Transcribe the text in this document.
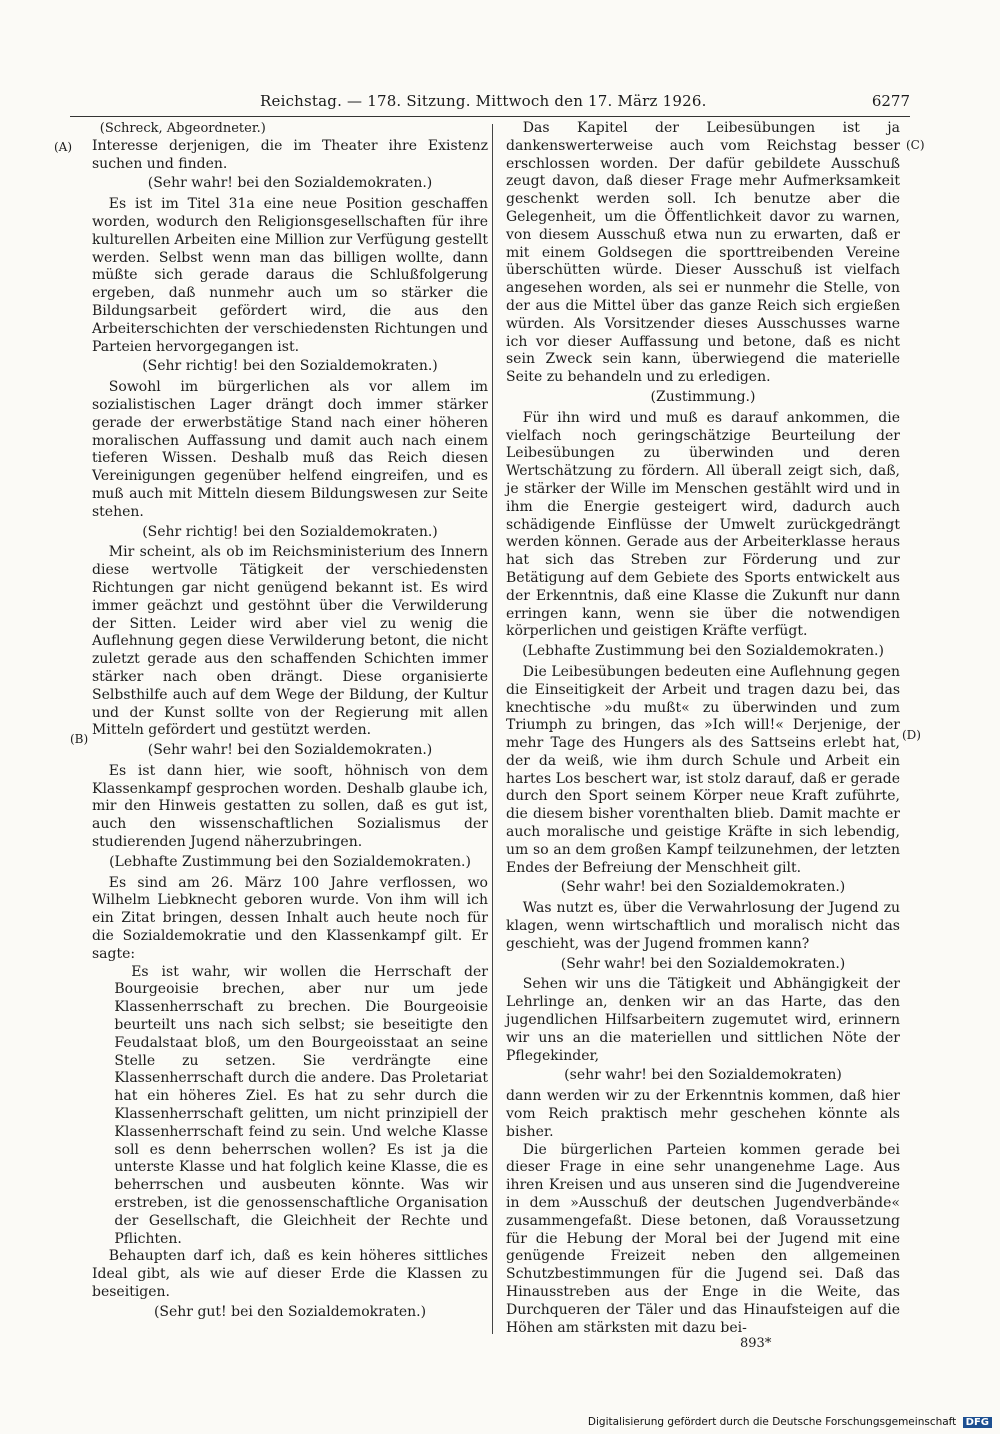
Reichstag. — 178. Sitzung. Mittwoch den 17. März 1926.	6277
(A)
(B)
(C)
(D)
(Schreck, Abgeordneter.)

Interesse derjenigen, die im Theater ihre Existenz suchen und finden.

(Sehr wahr! bei den Sozialdemokraten.)

Es ist im Titel 31a eine neue Position geschaffen worden, wodurch den Religionsgesellschaften für ihre kulturellen Arbeiten eine Million zur Verfügung gestellt werden. Selbst wenn man das billigen wollte, dann müßte sich gerade daraus die Schlußfolgerung ergeben, daß nunmehr auch um so stärker die Bildungsarbeit gefördert wird, die aus den Arbeiterschichten der verschiedensten Richtungen und Parteien hervorgegangen ist.

(Sehr richtig! bei den Sozialdemokraten.)

Sowohl im bürgerlichen als vor allem im sozialistischen Lager drängt doch immer stärker gerade der erwerbstätige Stand nach einer höheren moralischen Auffassung und damit auch nach einem tieferen Wissen. Deshalb muß das Reich diesen Vereinigungen gegenüber helfend eingreifen, und es muß auch mit Mitteln diesem Bildungswesen zur Seite stehen.

(Sehr richtig! bei den Sozialdemokraten.)

Mir scheint, als ob im Reichsministerium des Innern diese wertvolle Tätigkeit der verschiedensten Richtungen gar nicht genügend bekannt ist. Es wird immer geächzt und gestöhnt über die Verwilderung der Sitten. Leider wird aber viel zu wenig die Auflehnung gegen diese Verwilderung betont, die nicht zuletzt gerade aus den schaffenden Schichten immer stärker nach oben drängt. Diese organisierte Selbsthilfe auch auf dem Wege der Bildung, der Kultur und der Kunst sollte von der Regierung mit allen Mitteln gefördert und gestützt werden.

(Sehr wahr! bei den Sozialdemokraten.)

Es ist dann hier, wie sooft, höhnisch von dem Klassenkampf gesprochen worden. Deshalb glaube ich, mir den Hinweis gestatten zu sollen, daß es gut ist, auch den wissenschaftlichen Sozialismus der studierenden Jugend näherzubringen.

(Lebhafte Zustimmung bei den Sozialdemokraten.)

Es sind am 26. März 100 Jahre verflossen, wo Wilhelm Liebknecht geboren wurde. Von ihm will ich ein Zitat bringen, dessen Inhalt auch heute noch für die Sozialdemokratie und den Klassenkampf gilt. Er sagte:

Es ist wahr, wir wollen die Herrschaft der Bourgeoisie brechen, aber nur um jede Klassenherrschaft zu brechen. Die Bourgeoisie beurteilt uns nach sich selbst; sie beseitigte den Feudalstaat bloß, um den Bourgeoisstaat an seine Stelle zu setzen. Sie verdrängte eine Klassenherrschaft durch die andere. Das Proletariat hat ein höheres Ziel. Es hat zu sehr durch die Klassenherrschaft gelitten, um nicht prinzipiell der Klassenherrschaft feind zu sein. Und welche Klasse soll es denn beherrschen wollen? Es ist ja die unterste Klasse und hat folglich keine Klasse, die es beherrschen und ausbeuten könnte. Was wir erstreben, ist die genossenschaftliche Organisation der Gesellschaft, die Gleichheit der Rechte und Pflichten.

Behaupten darf ich, daß es kein höheres sittliches Ideal gibt, als wie auf dieser Erde die Klassen zu beseitigen.

(Sehr gut! bei den Sozialdemokraten.)

Das Kapitel der Leibesübungen ist ja dankenswerterweise auch vom Reichstag besser erschlossen worden. Der dafür gebildete Ausschuß zeugt davon, daß dieser Frage mehr Aufmerksamkeit geschenkt werden soll. Ich benutze aber die Gelegenheit, um die Öffentlichkeit davor zu warnen, von diesem Ausschuß etwa nun zu erwarten, daß er mit einem Goldsegen die sporttreibenden Vereine überschütten würde. Dieser Ausschuß ist vielfach angesehen worden, als sei er nunmehr die Stelle, von der aus die Mittel über das ganze Reich sich ergießen würden. Als Vorsitzender dieses Ausschusses warne ich vor dieser Auffassung und betone, daß es nicht sein Zweck sein kann, überwiegend die materielle Seite zu behandeln und zu erledigen.

(Zustimmung.)

Für ihn wird und muß es darauf ankommen, die vielfach noch geringschätzige Beurteilung der Leibesübungen zu überwinden und deren Wertschätzung zu fördern. All überall zeigt sich, daß, je stärker der Wille im Menschen gestählt wird und in ihm die Energie gesteigert wird, dadurch auch schädigende Einflüsse der Umwelt zurückgedrängt werden können. Gerade aus der Arbeiterklasse heraus hat sich das Streben zur Förderung und zur Betätigung auf dem Gebiete des Sports entwickelt aus der Erkenntnis, daß eine Klasse die Zukunft nur dann erringen kann, wenn sie über die notwendigen körperlichen und geistigen Kräfte verfügt.

(Lebhafte Zustimmung bei den Sozialdemokraten.)

Die Leibesübungen bedeuten eine Auflehnung gegen die Einseitigkeit der Arbeit und tragen dazu bei, das knechtische »du mußt« zu überwinden und zum Triumph zu bringen, das »Ich will!« Derjenige, der mehr Tage des Hungers als des Sattseins erlebt hat, der da weiß, wie ihm durch Schule und Arbeit ein hartes Los beschert war, ist stolz darauf, daß er gerade durch den Sport seinem Körper neue Kraft zuführte, die diesem bisher vorenthalten blieb. Damit machte er auch moralische und geistige Kräfte in sich lebendig, um so an dem großen Kampf teilzunehmen, der letzten Endes der Befreiung der Menschheit gilt.

(Sehr wahr! bei den Sozialdemokraten.)

Was nutzt es, über die Verwahrlosung der Jugend zu klagen, wenn wirtschaftlich und moralisch nicht das geschieht, was der Jugend frommen kann?

(Sehr wahr! bei den Sozialdemokraten.)

Sehen wir uns die Tätigkeit und Abhängigkeit der Lehrlinge an, denken wir an das Harte, das den jugendlichen Hilfsarbeitern zugemutet wird, erinnern wir uns an die materiellen und sittlichen Nöte der Pflegekinder,

(sehr wahr! bei den Sozialdemokraten)

dann werden wir zu der Erkenntnis kommen, daß hier vom Reich praktisch mehr geschehen könnte als bisher.

Die bürgerlichen Parteien kommen gerade bei dieser Frage in eine sehr unangenehme Lage. Aus ihren Kreisen und aus unseren sind die Jugendvereine in dem »Ausschuß der deutschen Jugendverbände« zusammengefaßt. Diese betonen, daß Voraussetzung für die Hebung der Moral bei der Jugend mit eine genügende Freizeit neben den allgemeinen Schutzbestimmungen für die Jugend sei. Daß das Hinausstreben aus der Enge in die Weite, das Durchqueren der Täler und das Hinaufsteigen auf die Höhen am stärksten mit dazu bei-

893*
Digitalisierung gefördert durch die Deutsche Forschungsgemeinschaft DFG
